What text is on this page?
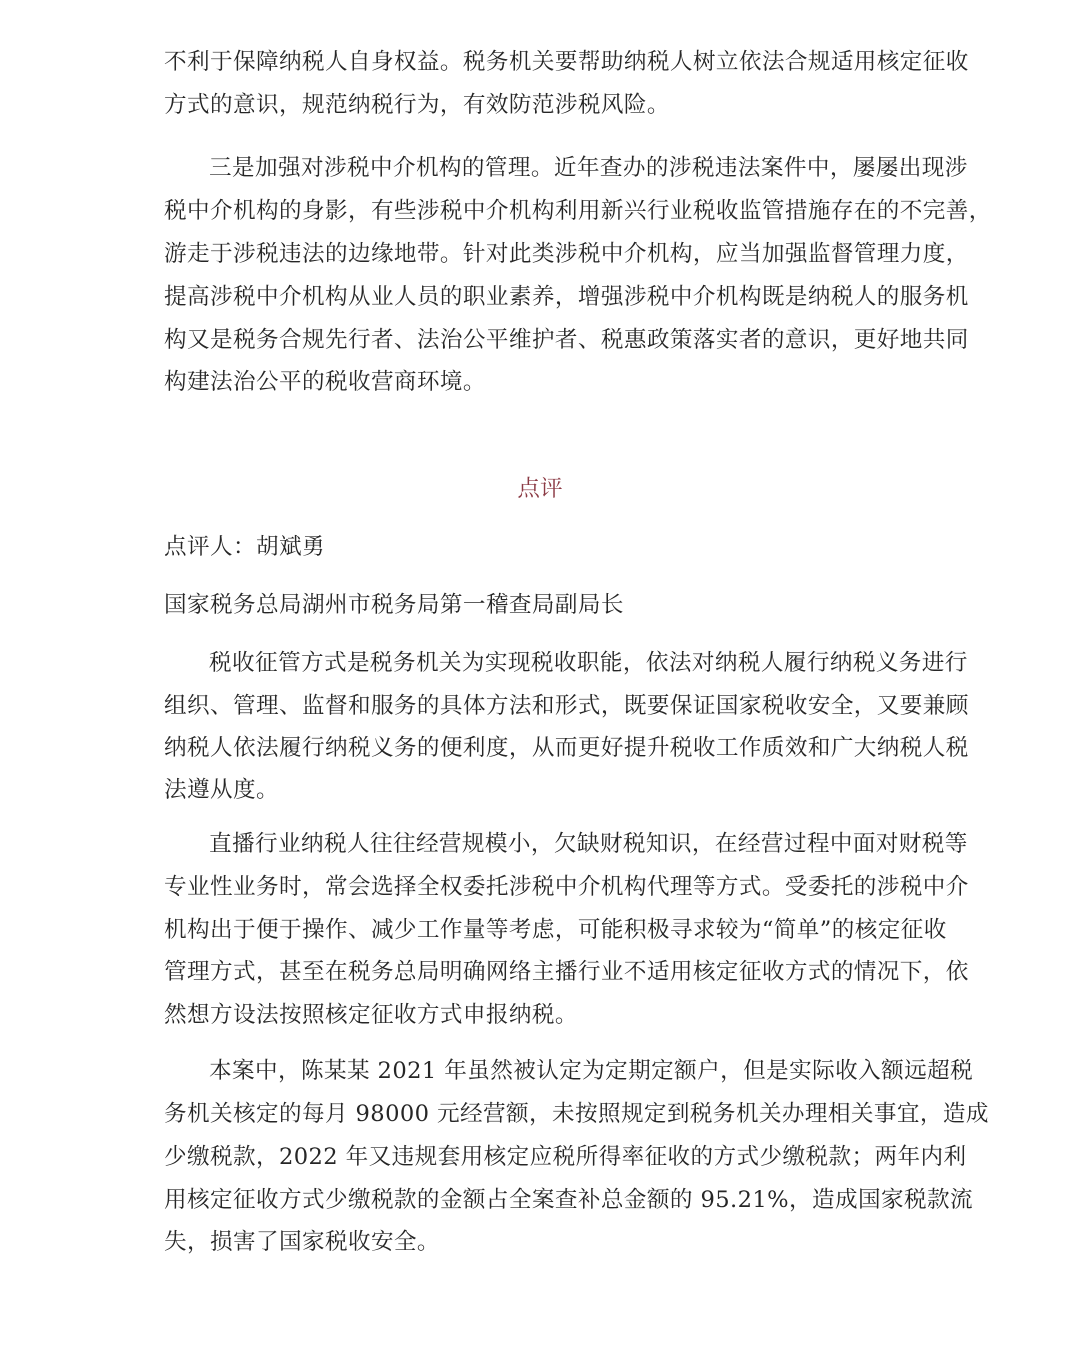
不利于保障纳税人自身权益。税务机关要帮助纳税人树立依法合规适用核定征收
方式的意识，规范纳税行为，有效防范涉税风险。
三是加强对涉税中介机构的管理。近年查办的涉税违法案件中，屡屡出现涉
税中介机构的身影，有些涉税中介机构利用新兴行业税收监管措施存在的不完善，
游走于涉税违法的边缘地带。针对此类涉税中介机构，应当加强监督管理力度，
提高涉税中介机构从业人员的职业素养，增强涉税中介机构既是纳税人的服务机
构又是税务合规先行者、法治公平维护者、税惠政策落实者的意识，更好地共同
构建法治公平的税收营商环境。
点评
点评人：胡斌勇
国家税务总局湖州市税务局第一稽查局副局长
税收征管方式是税务机关为实现税收职能，依法对纳税人履行纳税义务进行
组织、管理、监督和服务的具体方法和形式，既要保证国家税收安全，又要兼顾
纳税人依法履行纳税义务的便利度，从而更好提升税收工作质效和广大纳税人税
法遵从度。
直播行业纳税人往往经营规模小，欠缺财税知识，在经营过程中面对财税等
专业性业务时，常会选择全权委托涉税中介机构代理等方式。受委托的涉税中介
机构出于便于操作、减少工作量等考虑，可能积极寻求较为“简单”的核定征收
管理方式，甚至在税务总局明确网络主播行业不适用核定征收方式的情况下，依
然想方设法按照核定征收方式申报纳税。
本案中，陈某某 2021 年虽然被认定为定期定额户，但是实际收入额远超税
务机关核定的每月 98000 元经营额，未按照规定到税务机关办理相关事宜，造成
少缴税款，2022 年又违规套用核定应税所得率征收的方式少缴税款；两年内利
用核定征收方式少缴税款的金额占全案查补总金额的 95.21%，造成国家税款流
失，损害了国家税收安全。
